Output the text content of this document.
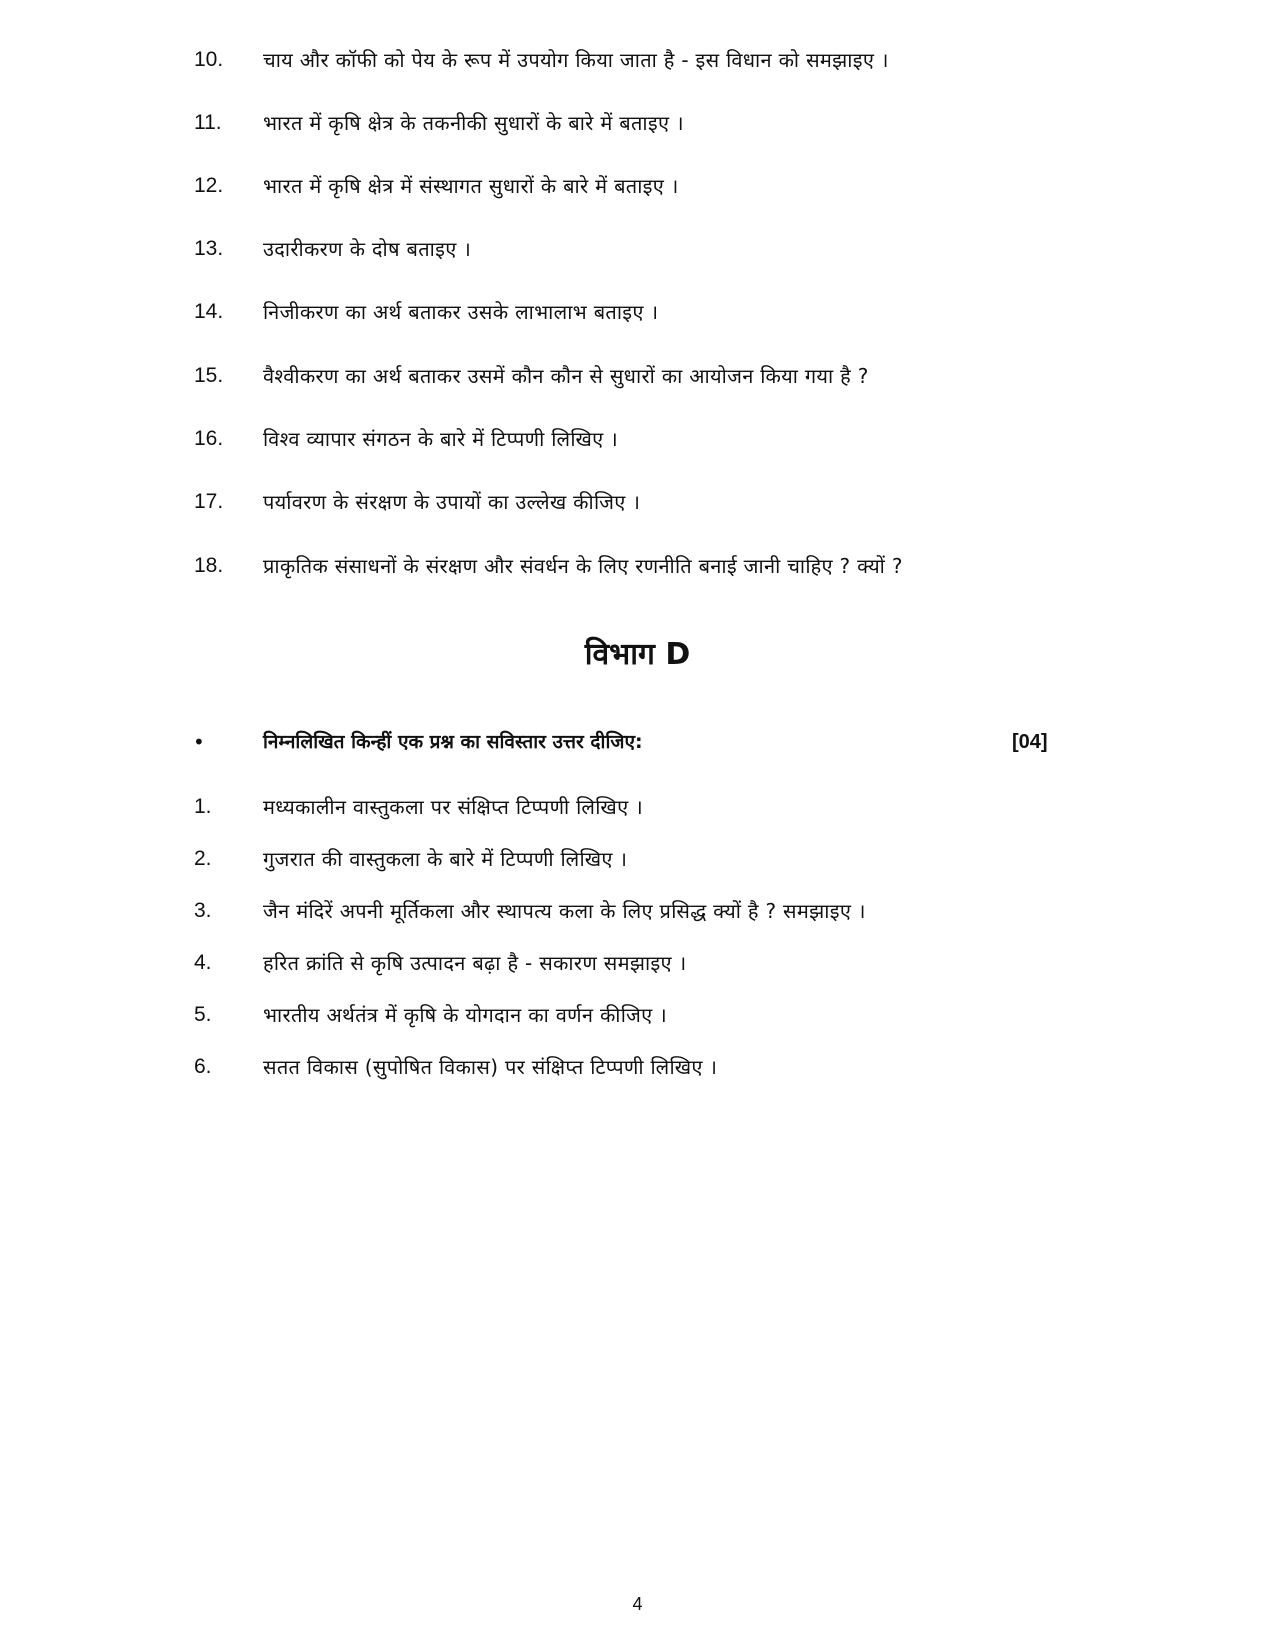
10. चाय और कॉफी को पेय के रूप में उपयोग किया जाता है - इस विधान को समझाइए ।
11. भारत में कृषि क्षेत्र के तकनीकी सुधारों के बारे में बताइए ।
12. भारत में कृषि क्षेत्र में संस्थागत सुधारों के बारे में बताइए ।
13. उदारीकरण के दोष बताइए ।
14. निजीकरण का अर्थ बताकर उसके लाभालाभ बताइए ।
15. वैश्वीकरण का अर्थ बताकर उसमें कौन कौन से सुधारों का आयोजन किया गया है ?
16. विश्व व्यापार संगठन के बारे में टिप्पणी लिखिए ।
17. पर्यावरण के संरक्षण के उपायों का उल्लेख कीजिए ।
18. प्राकृतिक संसाधनों के संरक्षण और संवर्धन के लिए रणनीति बनाई जानी चाहिए ? क्यों ?
विभाग D
•	निम्नलिखित किन्हीं एक प्रश्न का सविस्तार उत्तर दीजिए:	[04]
1.	मध्यकालीन वास्तुकला पर संक्षिप्त टिप्पणी लिखिए ।
2.	गुजरात की वास्तुकला के बारे में टिप्पणी लिखिए ।
3.	जैन मंदिरें अपनी मूर्तिकला और स्थापत्य कला के लिए प्रसिद्ध क्यों है ? समझाइए ।
4.	हरित क्रांति से कृषि उत्पादन बढ़ा है - सकारण समझाइए ।
5.	भारतीय अर्थतंत्र में कृषि के योगदान का वर्णन कीजिए ।
6.	सतत विकास (सुपोषित विकास) पर संक्षिप्त टिप्पणी लिखिए ।
4
